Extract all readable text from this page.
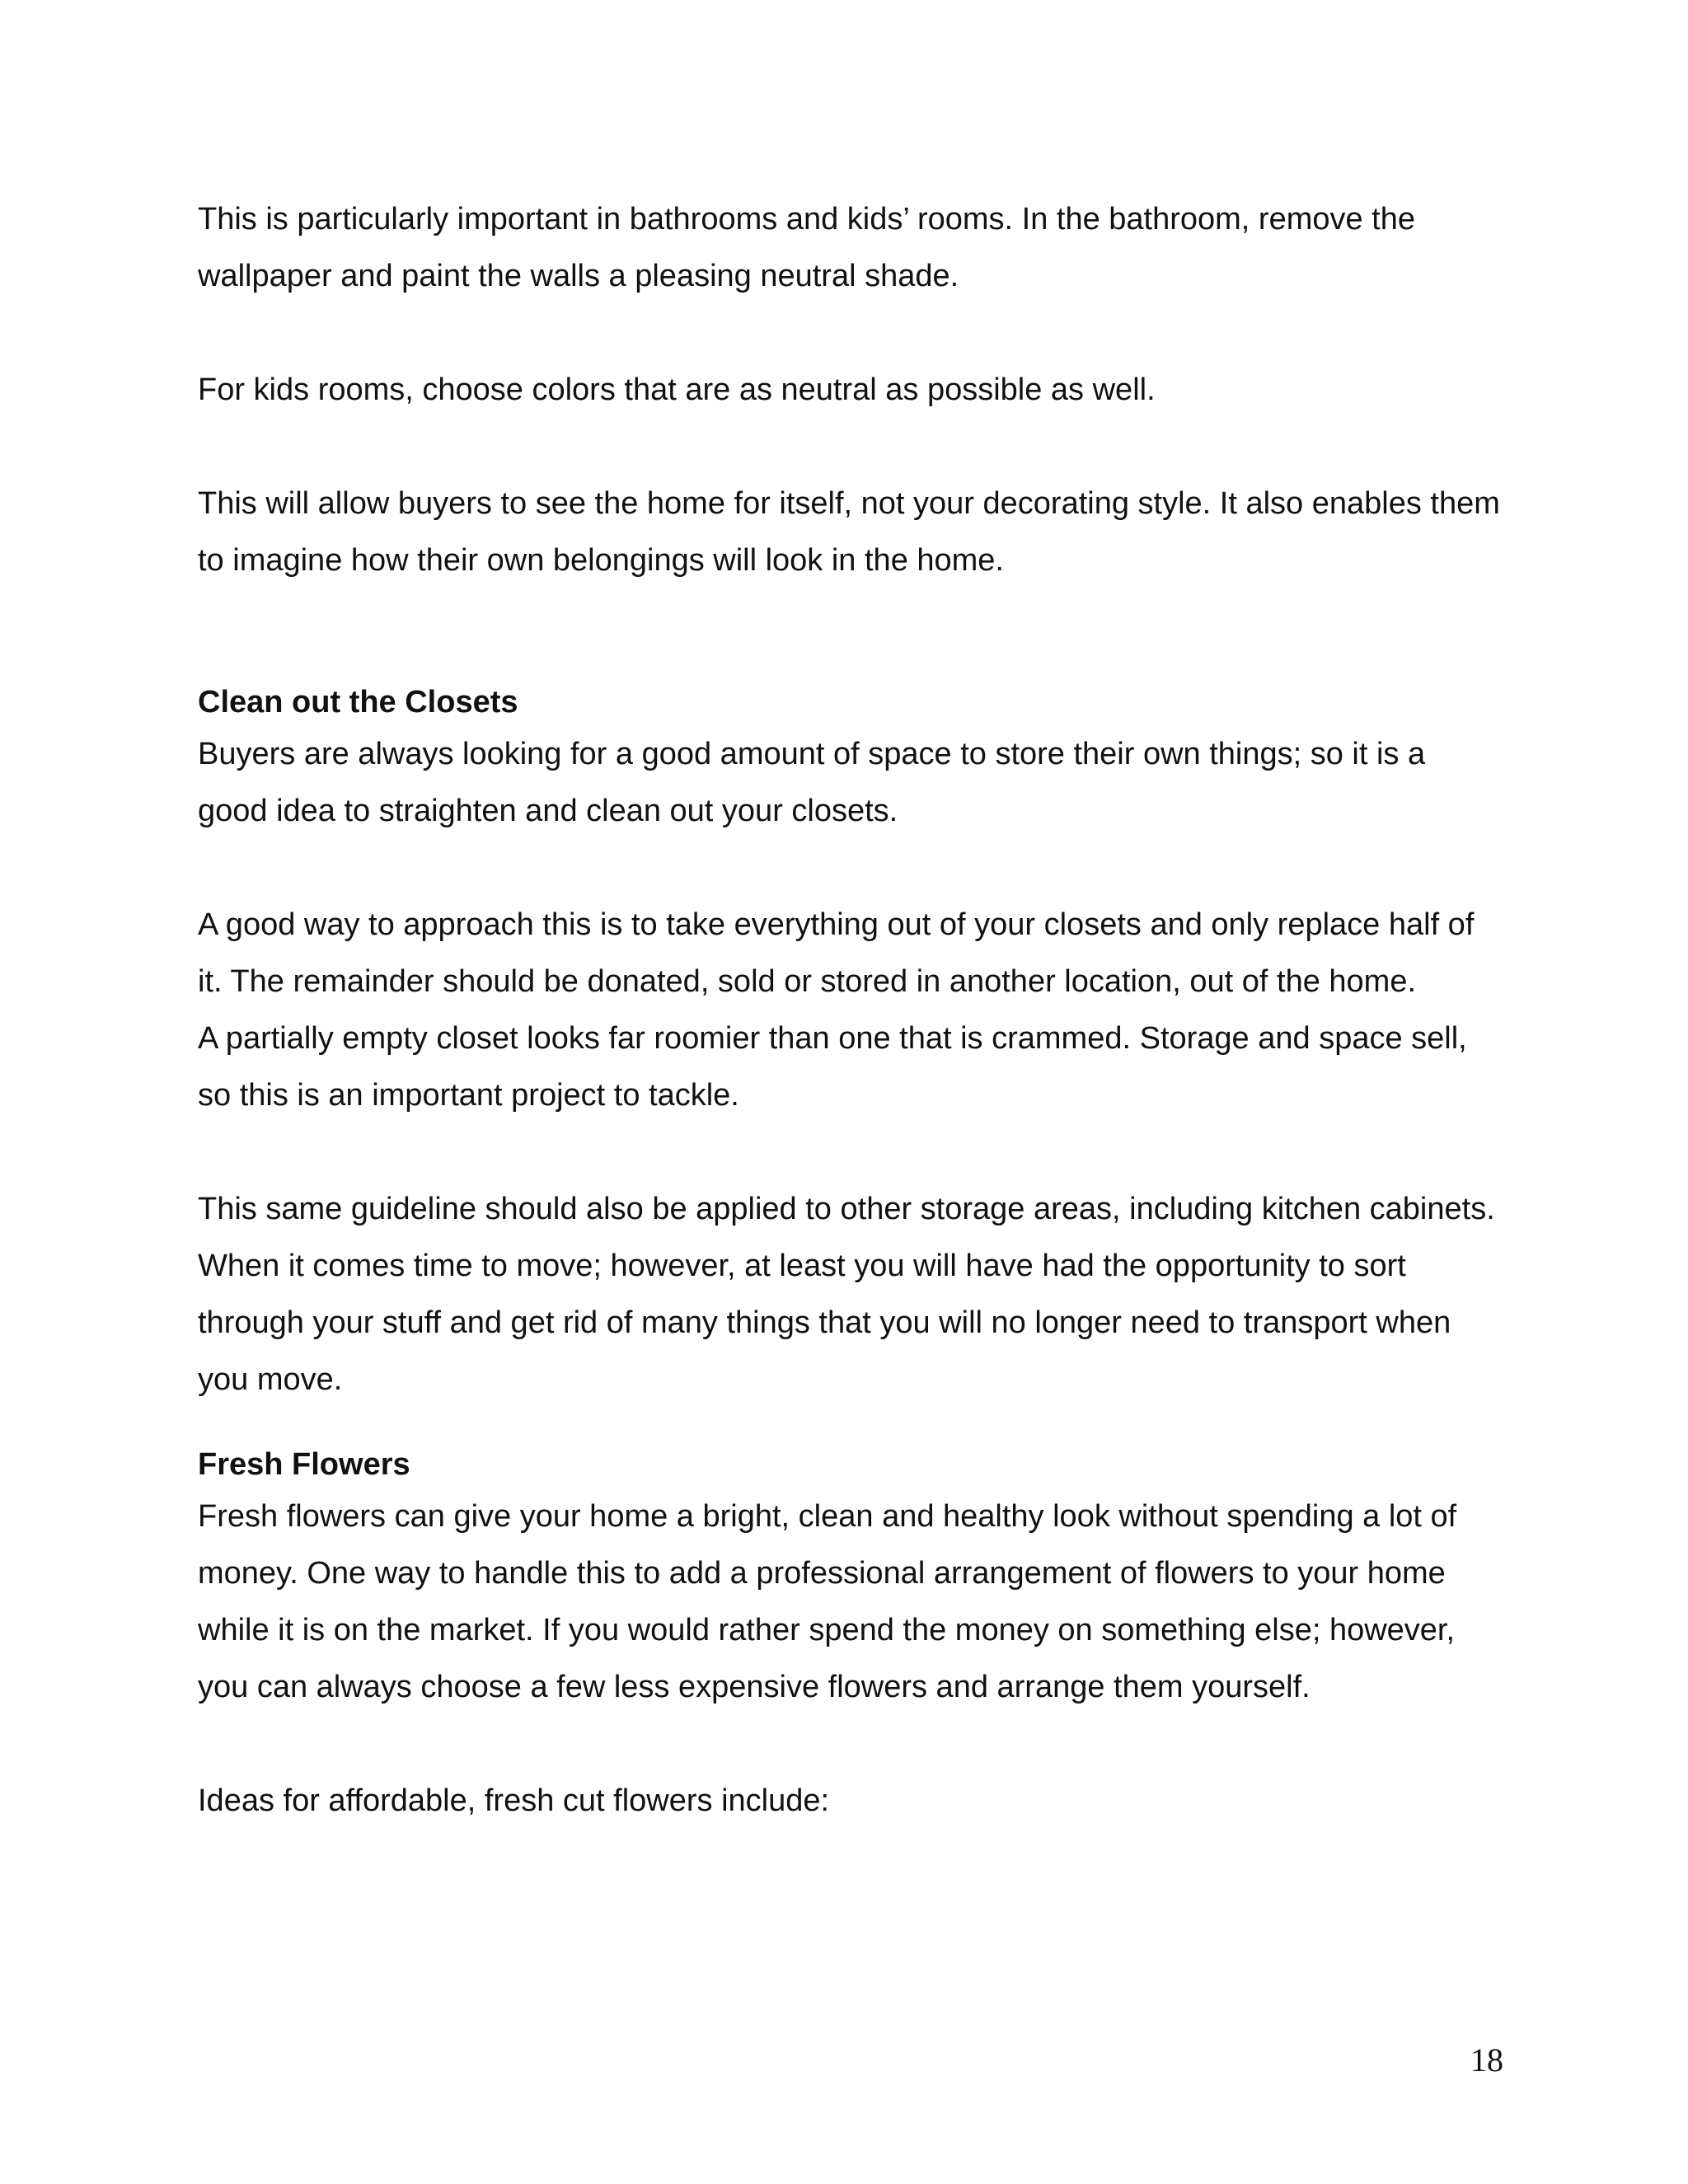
This is particularly important in bathrooms and kids’ rooms. In the bathroom, remove the wallpaper and paint the walls a pleasing neutral shade.

For kids rooms, choose colors that are as neutral as possible as well.

This will allow buyers to see the home for itself, not your decorating style. It also enables them to imagine how their own belongings will look in the home.

Clean out the Closets

Buyers are always looking for a good amount of space to store their own things; so it is a good idea to straighten and clean out your closets.

A good way to approach this is to take everything out of your closets and only replace half of it. The remainder should be donated, sold or stored in another location, out of the home.

A partially empty closet looks far roomier than one that is crammed. Storage and space sell, so this is an important project to tackle.

This same guideline should also be applied to other storage areas, including kitchen cabinets. When it comes time to move; however, at least you will have had the opportunity to sort through your stuff and get rid of many things that you will no longer need to transport when you move.

Fresh Flowers

Fresh flowers can give your home a bright, clean and healthy look without spending a lot of money. One way to handle this to add a professional arrangement of flowers to your home while it is on the market. If you would rather spend the money on something else; however, you can always choose a few less expensive flowers and arrange them yourself.

Ideas for affordable, fresh cut flowers include:

18
